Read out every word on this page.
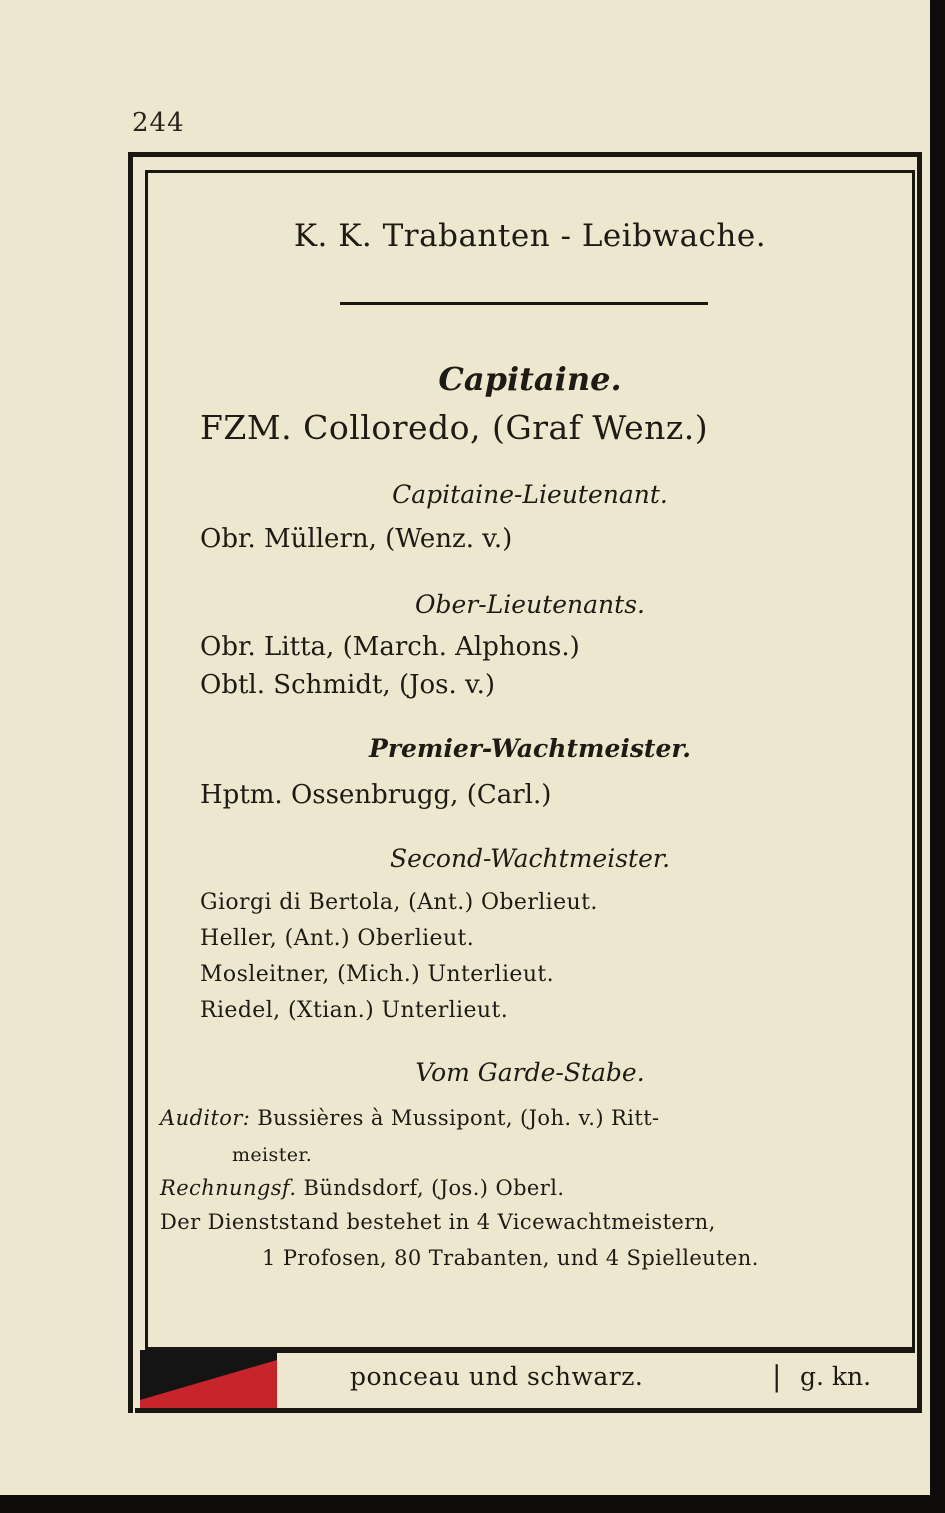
244
K. K. Trabanten - Leibwache.
Capitaine.
FZM. Colloredo, (Graf Wenz.)
Capitaine-Lieutenant.
Obr. Müllern, (Wenz. v.)
Ober-Lieutenants.
Obr. Litta, (March. Alphons.)
Obtl. Schmidt, (Jos. v.)
Premier-Wachtmeister.
Hptm. Ossenbrugg, (Carl.)
Second-Wachtmeister.
Giorgi di Bertola, (Ant.) Oberlieut.
Heller, (Ant.) Oberlieut.
Mosleitner, (Mich.) Unterlieut.
Riedel, (Xtian.) Unterlieut.
Vom Garde-Stabe.
Auditor: Bussières à Mussipont, (Joh. v.) Ritt-
meister.
Rechnungsf. Bündsdorf, (Jos.) Oberl.
Der Dienststand bestehet in 4 Vicewachtmeistern,
1 Profosen, 80 Trabanten, und 4 Spielleuten.
ponceau und schwarz.	| g. kn.
